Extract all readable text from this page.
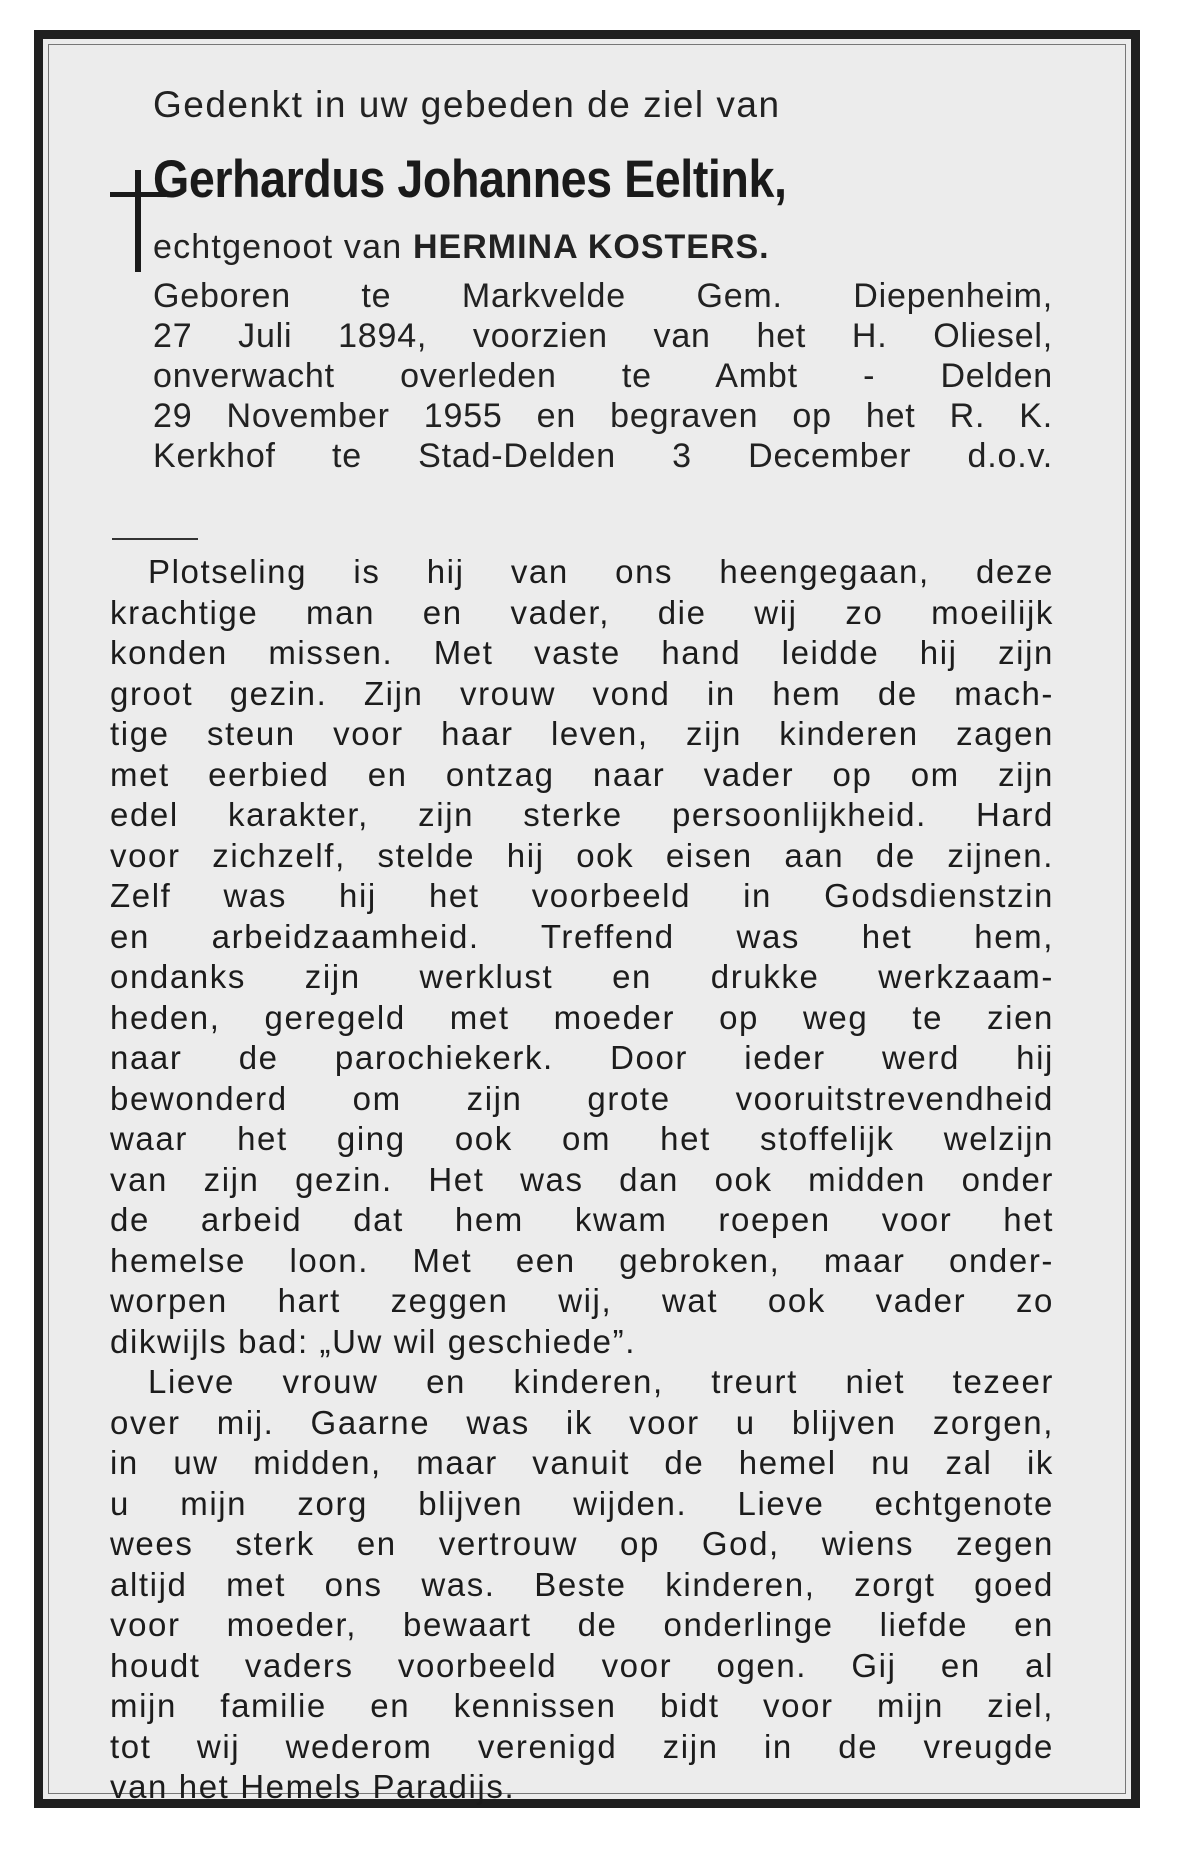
Gedenkt in uw gebeden de ziel van
Gerhardus Johannes Eeltink,
echtgenoot van HERMINA KOSTERS.
Geboren te Markvelde Gem. Diepenheim,
27 Juli 1894, voorzien van het H. Oliesel,
onverwacht overleden te Ambt - Delden
29 November 1955 en begraven op het R. K.
Kerkhof te Stad-Delden 3 December d.o.v.
Plotseling is hij van ons heengegaan, deze
krachtige man en vader, die wij zo moeilijk
konden missen. Met vaste hand leidde hij zijn
groot gezin. Zijn vrouw vond in hem de mach-
tige steun voor haar leven, zijn kinderen zagen
met eerbied en ontzag naar vader op om zijn
edel karakter, zijn sterke persoonlijkheid. Hard
voor zichzelf, stelde hij ook eisen aan de zijnen.
Zelf was hij het voorbeeld in Godsdienstzin
en arbeidzaamheid. Treffend was het hem,
ondanks zijn werklust en drukke werkzaam-
heden, geregeld met moeder op weg te zien
naar de parochiekerk. Door ieder werd hij
bewonderd om zijn grote vooruitstrevendheid
waar het ging ook om het stoffelijk welzijn
van zijn gezin. Het was dan ook midden onder
de arbeid dat hem kwam roepen voor het
hemelse loon. Met een gebroken, maar onder-
worpen hart zeggen wij, wat ook vader zo
dikwijls bad: „Uw wil geschiede”.
Lieve vrouw en kinderen, treurt niet tezeer
over mij. Gaarne was ik voor u blijven zorgen,
in uw midden, maar vanuit de hemel nu zal ik
u mijn zorg blijven wijden. Lieve echtgenote
wees sterk en vertrouw op God, wiens zegen
altijd met ons was. Beste kinderen, zorgt goed
voor moeder, bewaart de onderlinge liefde en
houdt vaders voorbeeld voor ogen. Gij en al
mijn familie en kennissen bidt voor mijn ziel,
tot wij wederom verenigd zijn in de vreugde
van het Hemels Paradijs.
